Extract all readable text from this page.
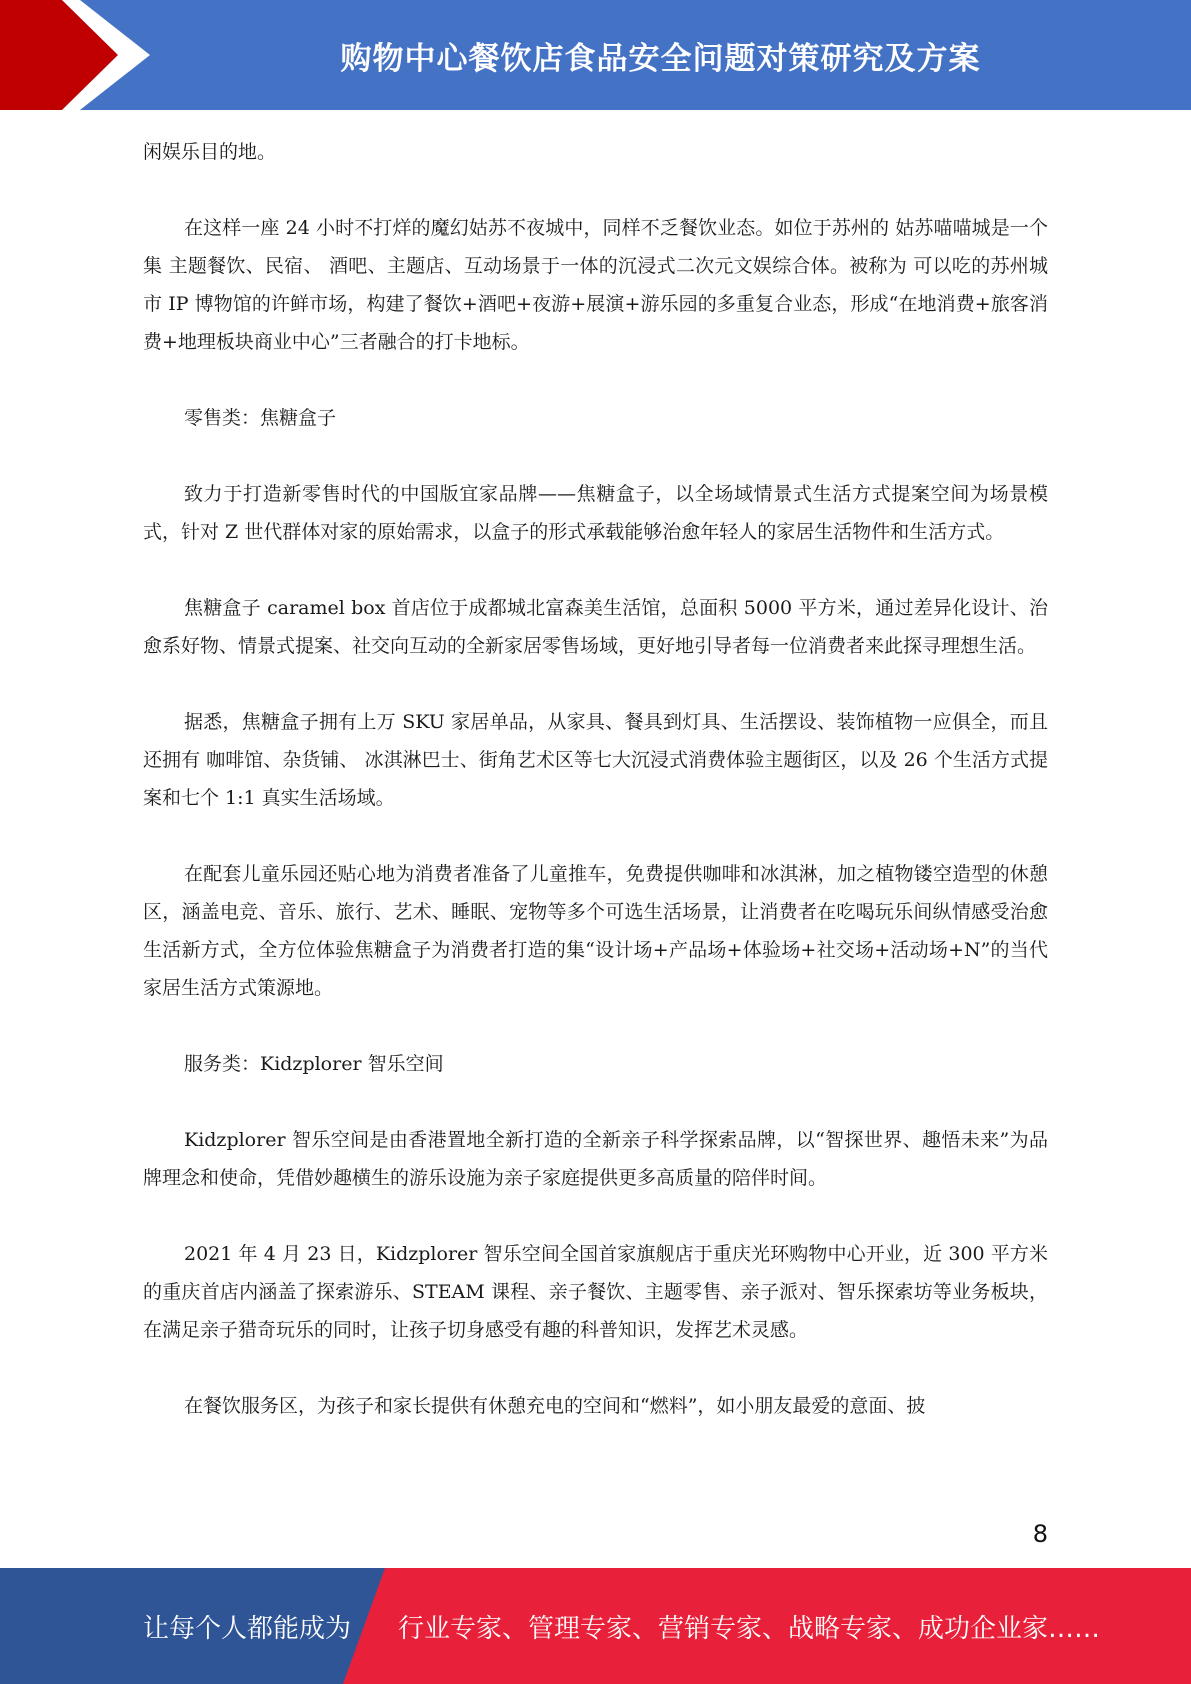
购物中心餐饮店食品安全问题对策研究及方案

闲娱乐目的地。

在这样一座 24 小时不打烊的魔幻姑苏不夜城中，同样不乏餐饮业态。如位于苏州的 姑苏喵喵城是一个集 主题餐饮、民宿、 酒吧、主题店、互动场景于一体的沉浸式二次元文娱综合体。被称为 可以吃的苏州城市 IP 博物馆的许鲜市场，构建了餐饮+酒吧+夜游+展演+游乐园的多重复合业态，形成“在地消费+旅客消费+地理板块商业中心”三者融合的打卡地标。

零售类：焦糖盒子

致力于打造新零售时代的中国版宜家品牌——焦糖盒子，以全场域情景式生活方式提案空间为场景模式，针对 Z 世代群体对家的原始需求，以盒子的形式承载能够治愈年轻人的家居生活物件和生活方式。

焦糖盒子 caramel box 首店位于成都城北富森美生活馆，总面积 5000 平方米，通过差异化设计、治愈系好物、情景式提案、社交向互动的全新家居零售场域，更好地引导者每一位消费者来此探寻理想生活。

据悉，焦糖盒子拥有上万 SKU 家居单品，从家具、餐具到灯具、生活摆设、装饰植物一应俱全，而且还拥有 咖啡馆、杂货铺、 冰淇淋巴士、街角艺术区等七大沉浸式消费体验主题街区，以及 26 个生活方式提案和七个 1:1 真实生活场域。

在配套儿童乐园还贴心地为消费者准备了儿童推车，免费提供咖啡和冰淇淋，加之植物镂空造型的休憩区，涵盖电竞、音乐、旅行、艺术、睡眠、宠物等多个可选生活场景，让消费者在吃喝玩乐间纵情感受治愈生活新方式，全方位体验焦糖盒子为消费者打造的集“设计场+产品场+体验场+社交场+活动场+N”的当代家居生活方式策源地。

服务类：Kidzplorer 智乐空间

Kidzplorer 智乐空间是由香港置地全新打造的全新亲子科学探索品牌，以“智探世界、趣悟未来”为品牌理念和使命，凭借妙趣横生的游乐设施为亲子家庭提供更多高质量的陪伴时间。

2021 年 4 月 23 日，Kidzplorer 智乐空间全国首家旗舰店于重庆光环购物中心开业，近 300 平方米的重庆首店内涵盖了探索游乐、STEAM 课程、亲子餐饮、主题零售、亲子派对、智乐探索坊等业务板块，在满足亲子猎奇玩乐的同时，让孩子切身感受有趣的科普知识，发挥艺术灵感。

在餐饮服务区，为孩子和家长提供有休憩充电的空间和“燃料”，如小朋友最爱的意面、披

8
让每个人都能成为 行业专家、管理专家、营销专家、战略专家、成功企业家……
